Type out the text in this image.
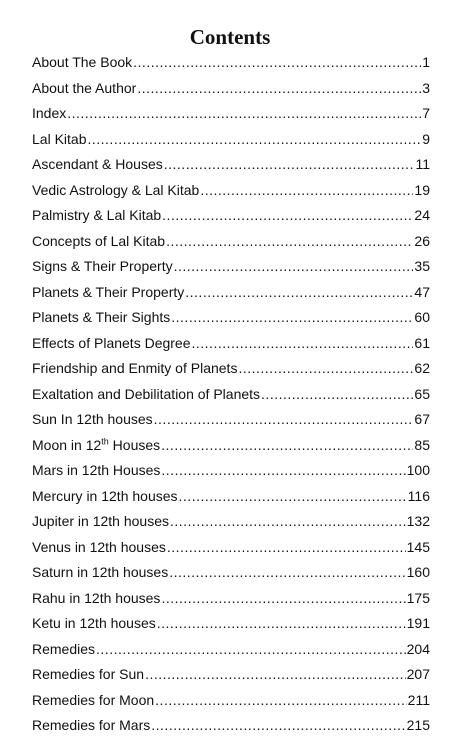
Contents
About The Book .....	1
About the Author .....	3
Index .....	7
Lal Kitab .....	9
Ascendant & Houses .....	11
Vedic Astrology & Lal Kitab .....	19
Palmistry & Lal Kitab .....	24
Concepts of Lal Kitab .....	26
Signs & Their Property .....	35
Planets & Their Property .....	47
Planets & Their Sights .....	60
Effects of Planets Degree .....	61
Friendship and Enmity of Planets .....	62
Exaltation and Debilitation of Planets .....	65
Sun In 12th houses .....	67
Moon in 12th Houses .....	85
Mars in 12th Houses .....	100
Mercury in 12th houses .....	116
Jupiter in 12th houses .....	132
Venus in 12th houses .....	145
Saturn in 12th houses .....	160
Rahu in 12th houses .....	175
Ketu in 12th houses .....	191
Remedies .....	204
Remedies for Sun .....	207
Remedies for Moon .....	211
Remedies for Mars .....	215
